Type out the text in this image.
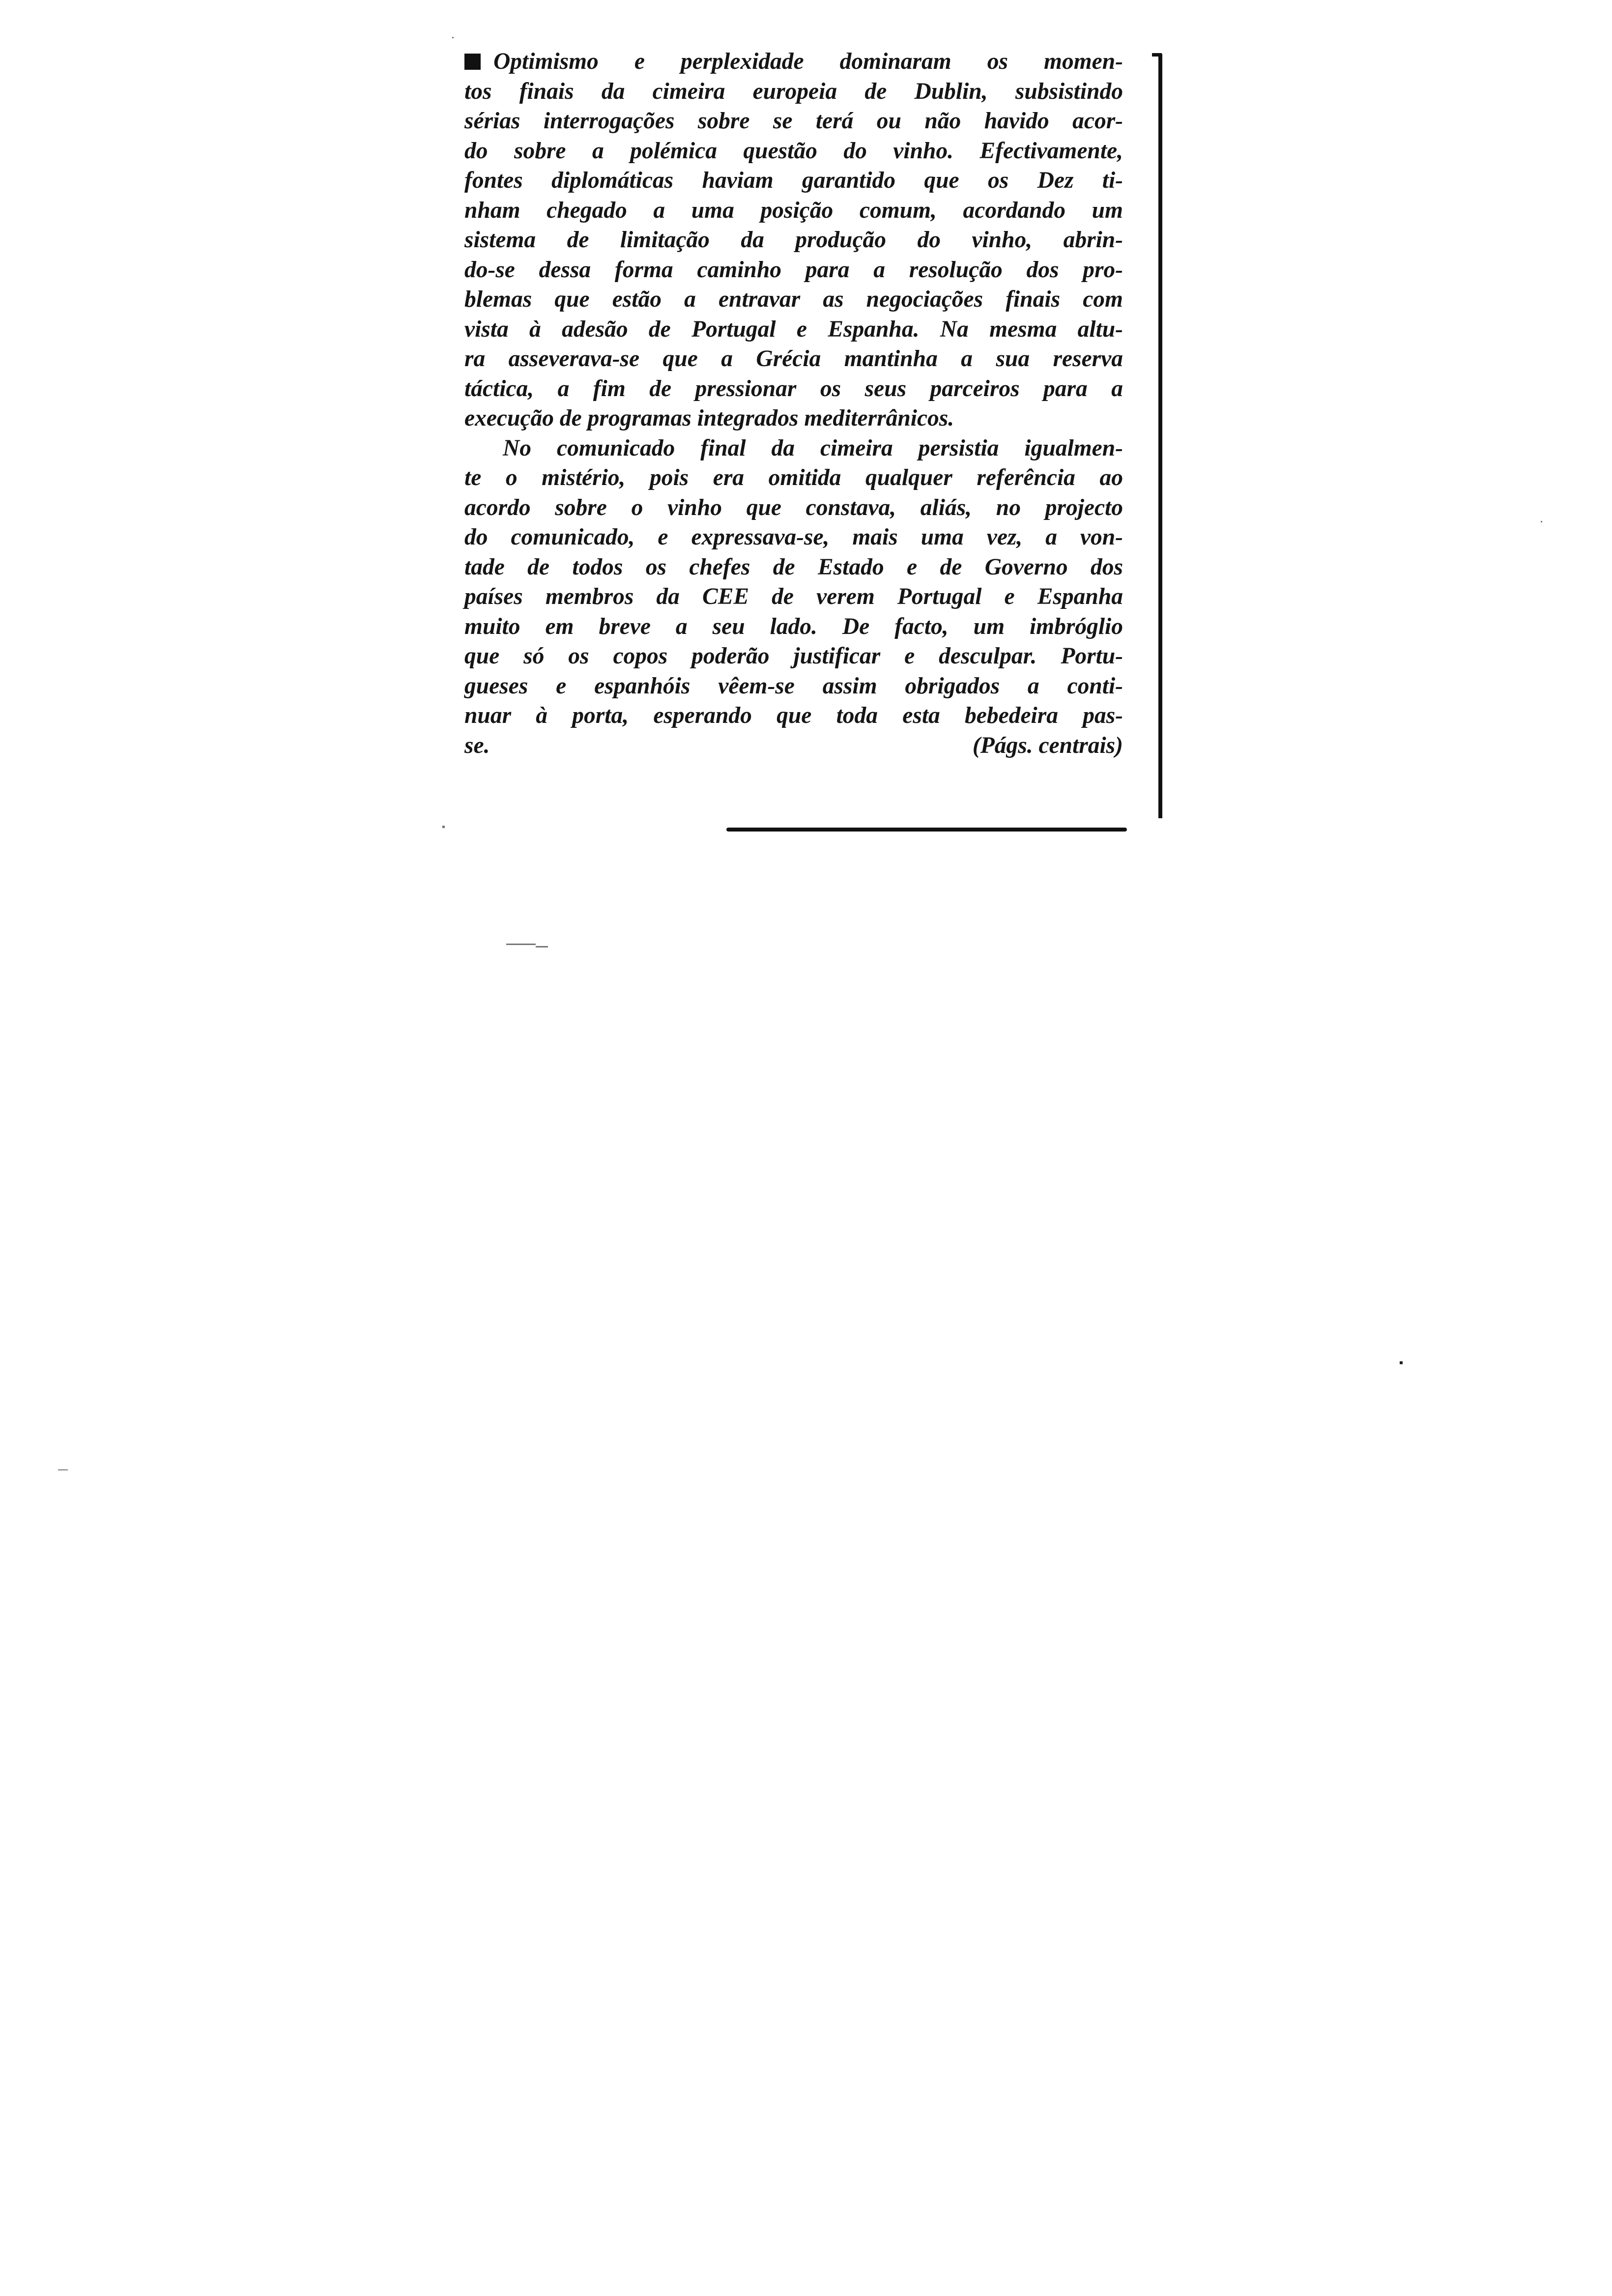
Optimismo e perplexidade dominaram os momen-
tos finais da cimeira europeia de Dublin, subsistindo
sérias interrogações sobre se terá ou não havido acor-
do sobre a polémica questão do vinho. Efectivamente,
fontes diplomáticas haviam garantido que os Dez ti-
nham chegado a uma posição comum, acordando um
sistema de limitação da produção do vinho, abrin-
do-se dessa forma caminho para a resolução dos pro-
blemas que estão a entravar as negociações finais com
vista à adesão de Portugal e Espanha. Na mesma altu-
ra asseverava-se que a Grécia mantinha a sua reserva
táctica, a fim de pressionar os seus parceiros para a
execução de programas integrados mediterrânicos.
No comunicado final da cimeira persistia igualmen-
te o mistério, pois era omitida qualquer referência ao
acordo sobre o vinho que constava, aliás, no projecto
do comunicado, e expressava-se, mais uma vez, a von-
tade de todos os chefes de Estado e de Governo dos
países membros da CEE de verem Portugal e Espanha
muito em breve a seu lado. De facto, um imbróglio
que só os copos poderão justificar e desculpar. Portu-
gueses e espanhóis vêem-se assim obrigados a conti-
nuar à porta, esperando que toda esta bebedeira pas-
se.	(Págs. centrais)
